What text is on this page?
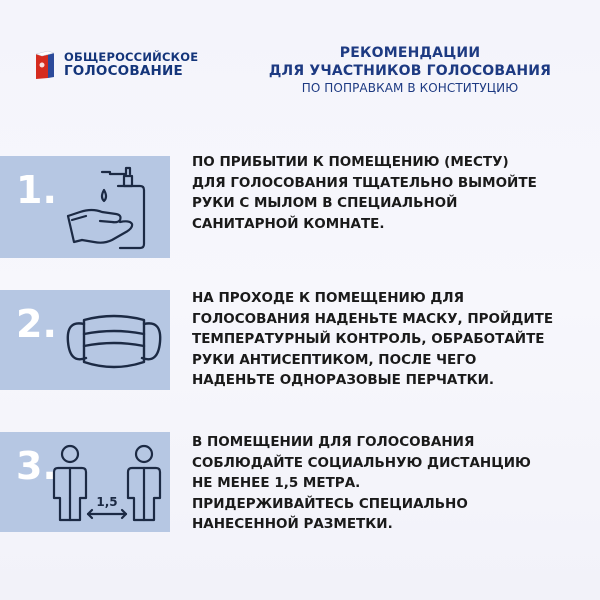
ОБЩЕРОССИЙСКОЕ
ГОЛОСОВАНИЕ
РЕКОМЕНДАЦИИ
ДЛЯ УЧАСТНИКОВ ГОЛОСОВАНИЯ
ПО ПОПРАВКАМ В КОНСТИТУЦИЮ
1.
ПО ПРИБЫТИИ К ПОМЕЩЕНИЮ (МЕСТУ)
ДЛЯ ГОЛОСОВАНИЯ ТЩАТЕЛЬНО ВЫМОЙТЕ
РУКИ С МЫЛОМ В СПЕЦИАЛЬНОЙ
САНИТАРНОЙ КОМНАТЕ.
2.
НА ПРОХОДЕ К ПОМЕЩЕНИЮ ДЛЯ
ГОЛОСОВАНИЯ НАДЕНЬТЕ МАСКУ, ПРОЙДИТЕ
ТЕМПЕРАТУРНЫЙ КОНТРОЛЬ, ОБРАБОТАЙТЕ
РУКИ АНТИСЕПТИКОМ, ПОСЛЕ ЧЕГО
НАДЕНЬТЕ ОДНОРАЗОВЫЕ ПЕРЧАТКИ.
3.
1,5
В ПОМЕЩЕНИИ ДЛЯ ГОЛОСОВАНИЯ
СОБЛЮДАЙТЕ СОЦИАЛЬНУЮ ДИСТАНЦИЮ
НЕ МЕНЕЕ 1,5 МЕТРА.
ПРИДЕРЖИВАЙТЕСЬ СПЕЦИАЛЬНО
НАНЕСЕННОЙ РАЗМЕТКИ.
